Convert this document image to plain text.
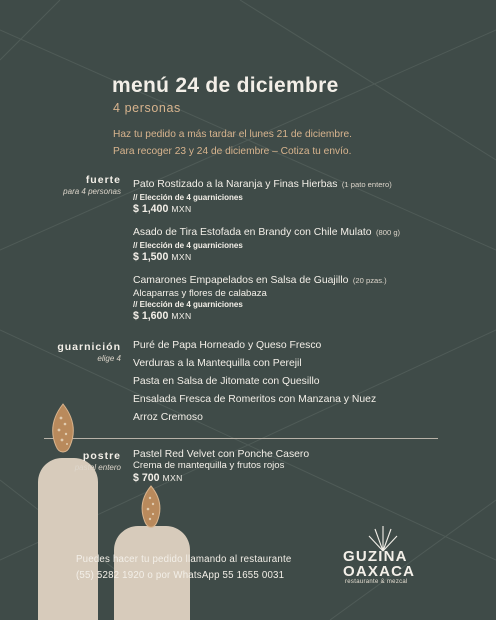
menú 24 de diciembre
4 personas
Haz tu pedido a más tardar el lunes 21 de diciembre.
Para recoger 23 y 24 de diciembre – Cotiza tu envío.
fuerte
para 4 personas
Pato Rostizado a la Naranja y Finas Hierbas (1 pato entero)
// Elección de 4 guarniciones
$ 1,400 MXN
Asado de Tira Estofada en Brandy con Chile Mulato (800 g)
// Elección de 4 guarniciones
$ 1,500 MXN
Camarones Empapelados en Salsa de Guajillo (20 pzas.)
Alcaparras y flores de calabaza
// Elección de 4 guarniciones
$ 1,600 MXN
guarnición
elige 4
Puré de Papa Horneado y Queso Fresco
Verduras a la Mantequilla con Perejil
Pasta en Salsa de Jitomate con Quesillo
Ensalada Fresca de Romeritos con Manzana y Nuez
Arroz Cremoso
postre
pastel entero
Pastel Red Velvet con Ponche Casero
Crema de mantequilla y frutos rojos
$ 700 MXN
Puedes hacer tu pedido llamando al restaurante
(55) 5282 1920 o por WhatsApp 55 1655 0031
GUZINA
OAXACA
restaurante & mezcal
